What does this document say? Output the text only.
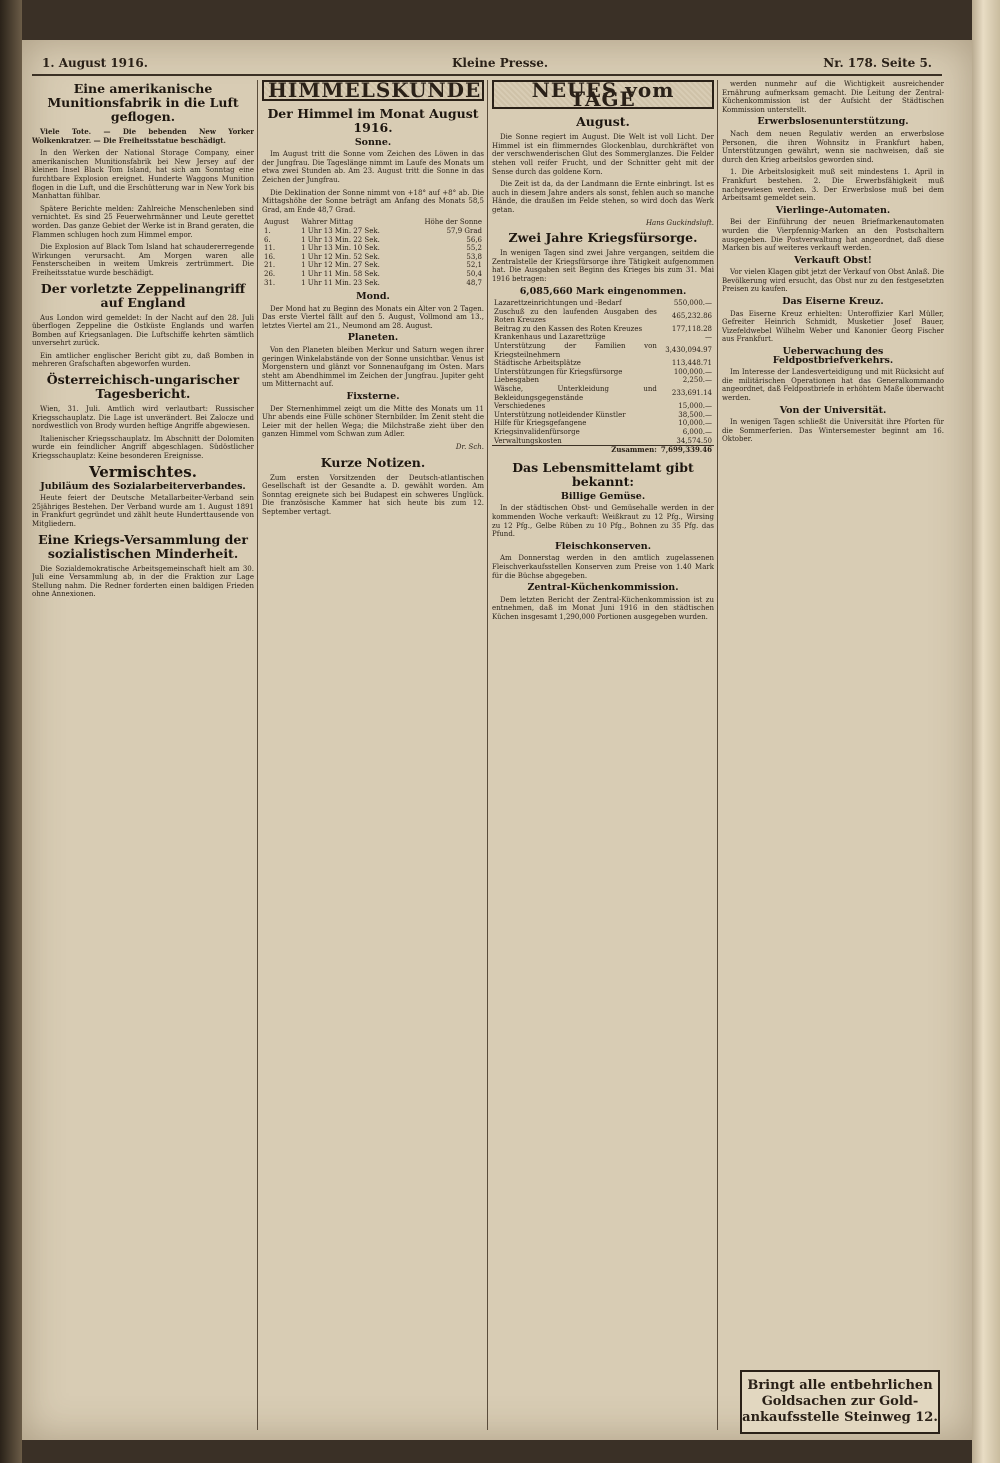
1. August 1916.	Kleine Presse.	Nr. 178. Seite 5.
Eine amerikanische Munitionsfabrik in die Luft geflogen.

Viele Tote. — Die bebenden New Yorker Wolkenkratzer. — Die Freiheitsstatue beschädigt.

In den Werken der National Storage Company, einer amerikanischen Munitionsfabrik bei New Jersey auf der kleinen Insel Black Tom Island, hat sich am Sonntag eine furchtbare Explosion ereignet. Hunderte Waggons Munition flogen in die Luft, und die Erschütterung war in New York bis Manhattan fühlbar.

Spätere Berichte melden: Zahlreiche Menschenleben sind vernichtet. Es sind 25 Feuerwehrmänner und Leute gerettet worden. Das ganze Gebiet der Werke ist in Brand geraten, die Flammen schlugen hoch zum Himmel empor.

Die Explosion auf Black Tom Island hat schaudererregende Wirkungen verursacht. Am Morgen waren alle Fensterscheiben in weitem Umkreis zertrümmert. Die Freiheitsstatue wurde beschädigt.

Der vorletzte Zeppelinangriff auf England

Aus London wird gemeldet: In der Nacht auf den 28. Juli überflogen Zeppeline die Ostküste Englands und warfen Bomben auf Kriegsanlagen. Die Luftschiffe kehrten sämtlich unversehrt zurück.

Ein amtlicher englischer Bericht gibt zu, daß Bomben in mehreren Grafschaften abgeworfen wurden.

Österreichisch-ungarischer Tagesbericht.

Wien, 31. Juli. Amtlich wird verlautbart: Russischer Kriegsschauplatz. Die Lage ist unverändert. Bei Zalocze und nordwestlich von Brody wurden heftige Angriffe abgewiesen.

Italienischer Kriegsschauplatz. Im Abschnitt der Dolomiten wurde ein feindlicher Angriff abgeschlagen. Südöstlicher Kriegsschauplatz: Keine besonderen Ereignisse.

Vermischtes.
Jubiläum des Sozialarbeiterverbandes.

Heute feiert der Deutsche Metallarbeiter-Verband sein 25jähriges Bestehen. Der Verband wurde am 1. August 1891 in Frankfurt gegründet und zählt heute Hunderttausende von Mitgliedern.

Eine Kriegs-Versammlung der sozialistischen Minderheit.

Die Sozialdemokratische Arbeitsgemeinschaft hielt am 30. Juli eine Versammlung ab, in der die Fraktion zur Lage Stellung nahm. Die Redner forderten einen baldigen Frieden ohne Annexionen.

HIMMELSKUNDE
Der Himmel im Monat August 1916.
Sonne.

Im August tritt die Sonne vom Zeichen des Löwen in das der Jungfrau. Die Tageslänge nimmt im Laufe des Monats um etwa zwei Stunden ab. Am 23. August tritt die Sonne in das Zeichen der Jungfrau.

Die Deklination der Sonne nimmt von +18° auf +8° ab. Die Mittagshöhe der Sonne beträgt am Anfang des Monats 58,5 Grad, am Ende 48,7 Grad.

August	Wahrer Mittag	Höhe der Sonne
1.	1 Uhr 13 Min. 27 Sek.	57,9 Grad
6.	1 Uhr 13 Min. 22 Sek.	56,6
11.	1 Uhr 13 Min. 10 Sek.	55,2
16.	1 Uhr 12 Min. 52 Sek.	53,8
21.	1 Uhr 12 Min. 27 Sek.	52,1
26.	1 Uhr 11 Min. 58 Sek.	50,4
31.	1 Uhr 11 Min. 23 Sek.	48,7
Mond.

Der Mond hat zu Beginn des Monats ein Alter von 2 Tagen. Das erste Viertel fällt auf den 5. August, Vollmond am 13., letztes Viertel am 21., Neumond am 28. August.

Planeten.

Von den Planeten bleiben Merkur und Saturn wegen ihrer geringen Winkelabstände von der Sonne unsichtbar. Venus ist Morgenstern und glänzt vor Sonnenaufgang im Osten. Mars steht am Abendhimmel im Zeichen der Jungfrau. Jupiter geht um Mitternacht auf.

Fixsterne.

Der Sternenhimmel zeigt um die Mitte des Monats um 11 Uhr abends eine Fülle schöner Sternbilder. Im Zenit steht die Leier mit der hellen Wega; die Milchstraße zieht über den ganzen Himmel vom Schwan zum Adler.

Dr. Sch.
Kurze Notizen.

Zum ersten Vorsitzenden der Deutsch-atlantischen Gesellschaft ist der Gesandte a. D. gewählt worden. Am Sonntag ereignete sich bei Budapest ein schweres Unglück. Die französische Kammer hat sich heute bis zum 12. September vertagt.

NEUES vom TAGE
August.

Die Sonne regiert im August. Die Welt ist voll Licht. Der Himmel ist ein flimmerndes Glockenblau, durchkräftet von der verschwenderischen Glut des Sommerglanzes. Die Felder stehen voll reifer Frucht, und der Schnitter geht mit der Sense durch das goldene Korn.

Die Zeit ist da, da der Landmann die Ernte einbringt. Ist es auch in diesem Jahre anders als sonst, fehlen auch so manche Hände, die draußen im Felde stehen, so wird doch das Werk getan.

Hans Guckindsluft.
Zwei Jahre Kriegsfürsorge.

In wenigen Tagen sind zwei Jahre vergangen, seitdem die Zentralstelle der Kriegsfürsorge ihre Tätigkeit aufgenommen hat. Die Ausgaben seit Beginn des Krieges bis zum 31. Mai 1916 betragen:

6,085,660 Mark eingenommen.
Lazarettzeinrichtungen und -Bedarf	550,000.—
Zuschuß zu den laufenden Ausgaben des Roten Kreuzes	465,232.86
Beitrag zu den Kassen des Roten Kreuzes	177,118.28
Krankenhaus und Lazarettzüge	—
Unterstützung der Familien von Kriegsteilnehmern	3,430,094.97
Städtische Arbeitsplätze	113,448.71
Unterstützungen für Kriegsfürsorge	100,000.—
Liebesgaben	2,250.—
Wäsche, Unterkleidung und Bekleidungsgegenstände	233,691.14
Verschiedenes	15,000.—
Unterstützung notleidender Künstler	38,500.—
Hilfe für Kriegsgefangene	10,000.—
Kriegsinvalidenfürsorge	6,000.—
Verwaltungskosten	34,574.50
Zusammen:	7,699,339.46
Das Lebensmittelamt gibt bekannt:
Billige Gemüse.

In der städtischen Obst- und Gemüsehalle werden in der kommenden Woche verkauft: Weißkraut zu 12 Pfg., Wirsing zu 12 Pfg., Gelbe Rüben zu 10 Pfg., Bohnen zu 35 Pfg. das Pfund.

Fleischkonserven.

Am Donnerstag werden in den amtlich zugelassenen Fleischverkaufsstellen Konserven zum Preise von 1.40 Mark für die Büchse abgegeben.

Zentral-Küchenkommission.

Dem letzten Bericht der Zentral-Küchenkommission ist zu entnehmen, daß im Monat Juni 1916 in den städtischen Küchen insgesamt 1,290,000 Portionen ausgegeben wurden.

werden nunmehr auf die Wichtigkeit ausreichender Ernährung aufmerksam gemacht. Die Leitung der Zentral-Küchenkommission ist der Aufsicht der Städtischen Kommission unterstellt.

Erwerbslosenunterstützung.

Nach dem neuen Regulativ werden an erwerbslose Personen, die ihren Wohnsitz in Frankfurt haben, Unterstützungen gewährt, wenn sie nachweisen, daß sie durch den Krieg arbeitslos geworden sind.

1. Die Arbeitslosigkeit muß seit mindestens 1. April in Frankfurt bestehen. 2. Die Erwerbsfähigkeit muß nachgewiesen werden. 3. Der Erwerbslose muß bei dem Arbeitsamt gemeldet sein.

Vierlinge-Automaten.

Bei der Einführung der neuen Briefmarkenautomaten wurden die Vierpfennig-Marken an den Postschaltern ausgegeben. Die Postverwaltung hat angeordnet, daß diese Marken bis auf weiteres verkauft werden.

Verkauft Obst!

Vor vielen Klagen gibt jetzt der Verkauf von Obst Anlaß. Die Bevölkerung wird ersucht, das Obst nur zu den festgesetzten Preisen zu kaufen.

Das Eiserne Kreuz.

Das Eiserne Kreuz erhielten: Unteroffizier Karl Müller, Gefreiter Heinrich Schmidt, Musketier Josef Bauer, Vizefeldwebel Wilhelm Weber und Kanonier Georg Fischer aus Frankfurt.

Ueberwachung des Feldpostbriefverkehrs.

Im Interesse der Landesverteidigung und mit Rücksicht auf die militärischen Operationen hat das Generalkommando angeordnet, daß Feldpostbriefe in erhöhtem Maße überwacht werden.

Von der Universität.

In wenigen Tagen schließt die Universität ihre Pforten für die Sommerferien. Das Wintersemester beginnt am 16. Oktober.

Bringt alle entbehrlichen
Goldsachen zur Gold-
ankaufsstelle Steinweg 12.
